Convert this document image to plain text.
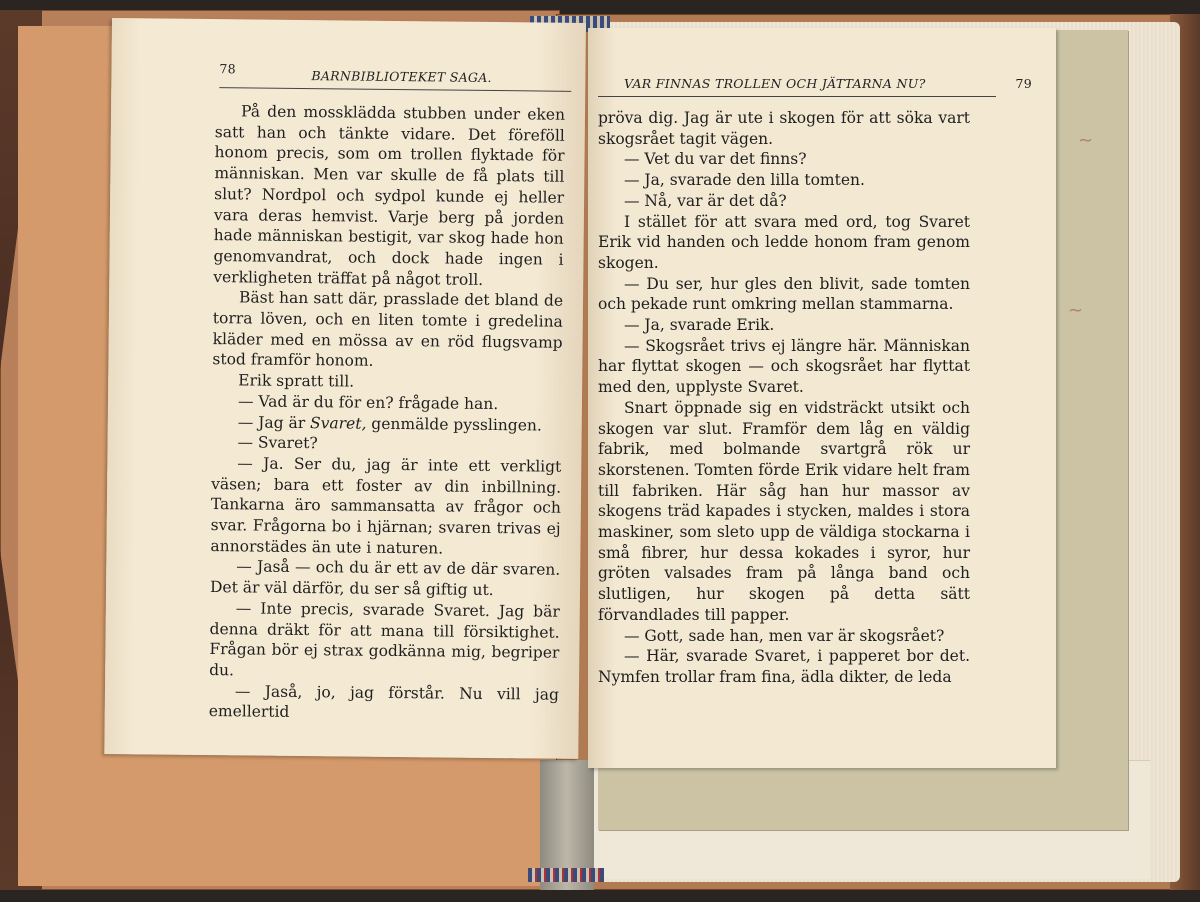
∼
∼
78	BARNBIBLIOTEKET SAGA.

På den mossklädda stubben under eken satt han och tänkte vidare. Det föreföll honom precis, som om trollen flyktade för människan. Men var skulle de få plats till slut? Nordpol och sydpol kunde ej heller vara deras hemvist. Varje berg på jorden hade människan bestigit, var skog hade hon genomvandrat, och dock hade ingen i verkligheten träffat på något troll.

Bäst han satt där, prasslade det bland de torra löven, och en liten tomte i gredelina kläder med en mössa av en röd flugsvamp stod framför honom.

Erik spratt till.

— Vad är du för en? frågade han.

— Jag är Svaret, genmälde pysslingen.

— Svaret?

— Ja. Ser du, jag är inte ett verkligt väsen; bara ett foster av din inbillning. Tankarna äro sammansatta av frågor och svar. Frågorna bo i hjärnan; svaren trivas ej annorstädes än ute i naturen.

— Jaså — och du är ett av de där svaren. Det är väl därför, du ser så giftig ut.

— Inte precis, svarade Svaret. Jag bär denna dräkt för att mana till försiktighet. Frågan bör ej strax godkänna mig, begriper du.

— Jaså, jo, jag förstår. Nu vill jag emellertid

VAR FINNAS TROLLEN OCH JÄTTARNA NU?	79

pröva dig. Jag är ute i skogen för att söka vart skogsrået tagit vägen.

— Vet du var det finns?

— Ja, svarade den lilla tomten.

— Nå, var är det då?

I stället för att svara med ord, tog Svaret Erik vid handen och ledde honom fram genom skogen.

— Du ser, hur gles den blivit, sade tomten och pekade runt omkring mellan stammarna.

— Ja, svarade Erik.

— Skogsrået trivs ej längre här. Människan har flyttat skogen — och skogsrået har flyttat med den, upplyste Svaret.

Snart öppnade sig en vidsträckt utsikt och skogen var slut. Framför dem låg en väldig fabrik, med bolmande svartgrå rök ur skorstenen. Tomten förde Erik vidare helt fram till fabriken. Här såg han hur massor av skogens träd kapades i stycken, maldes i stora maskiner, som sleto upp de väldiga stockarna i små fibrer, hur dessa kokades i syror, hur gröten valsades fram på långa band och slutligen, hur skogen på detta sätt förvandlades till papper.

— Gott, sade han, men var är skogsrået?

— Här, svarade Svaret, i papperet bor det. Nymfen trollar fram fina, ädla dikter, de leda
